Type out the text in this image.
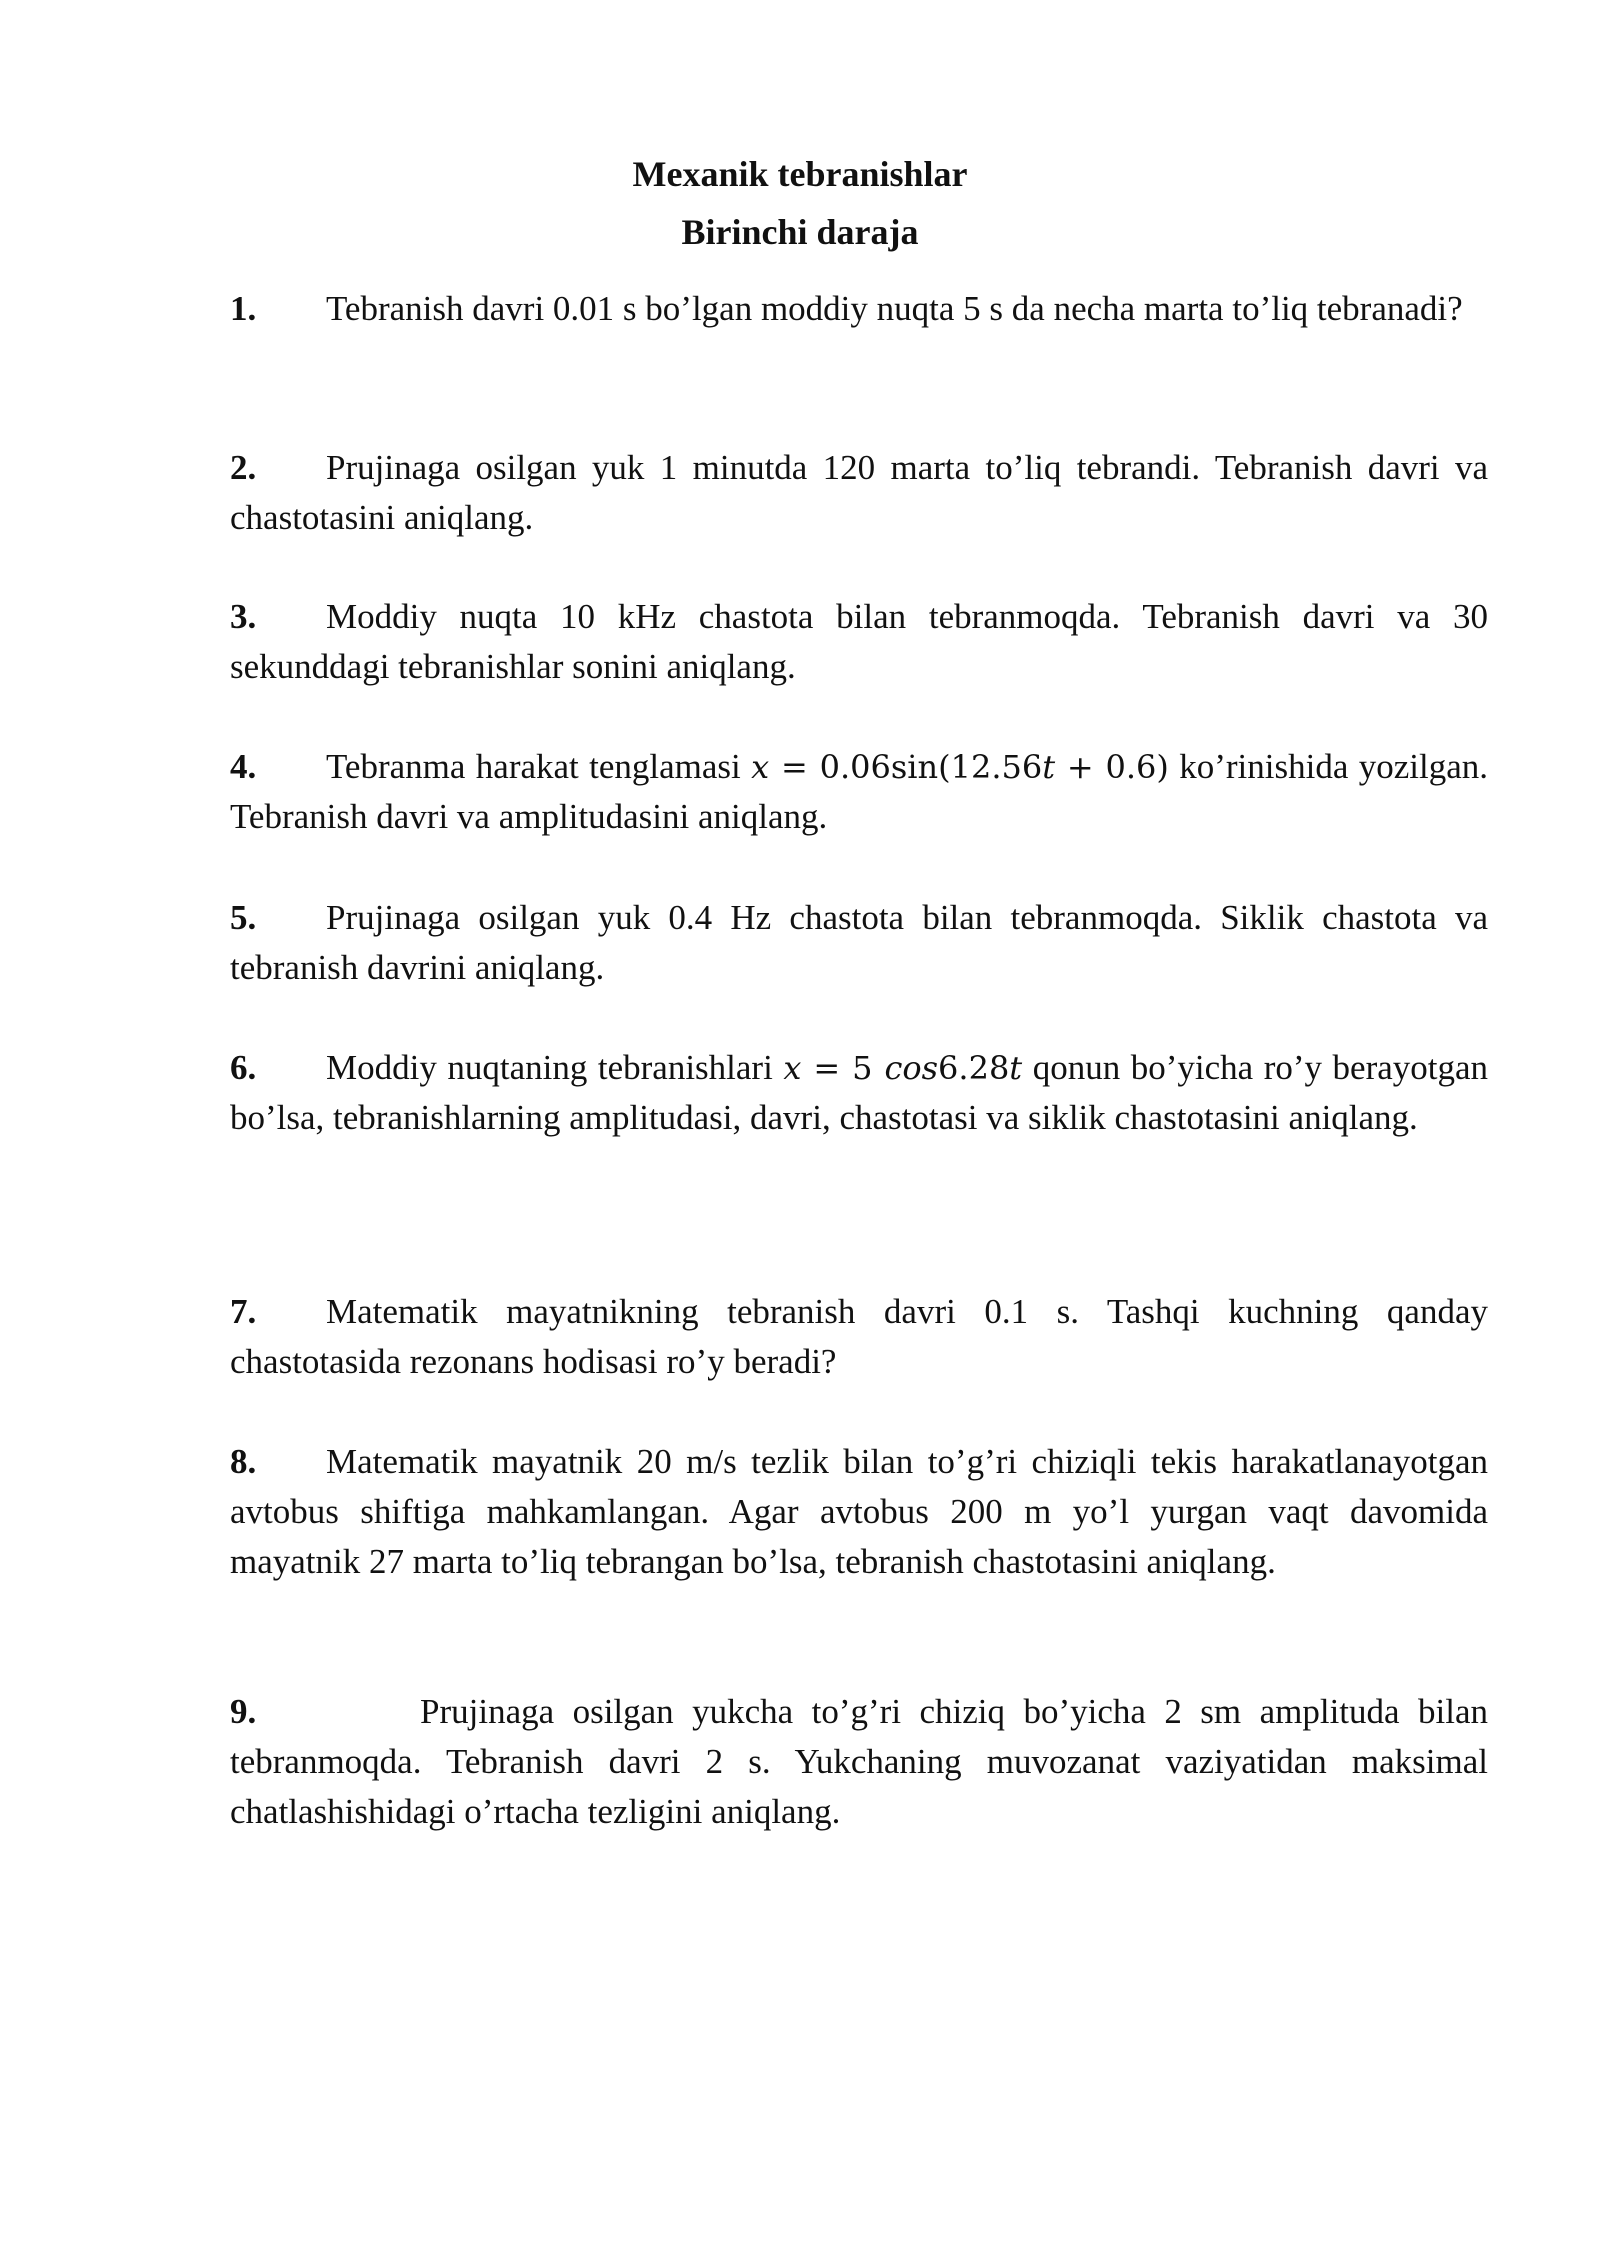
Mexanik tebranishlar
Birinchi daraja
1. Tebranish davri 0.01 s bo’lgan moddiy nuqta 5 s da necha marta to’liq tebranadi?
2. Prujinaga osilgan yuk 1 minutda 120 marta to’liq tebrandi. Tebranish davri va chastotasini aniqlang.
3. Moddiy nuqta 10 kHz chastota bilan tebranmoqda. Tebranish davri va 30 sekunddagi tebranishlar sonini aniqlang.
4. Tebranma harakat tenglamasi x = 0.06sin(12.56t + 0.6) ko’rinishida yozilgan. Tebranish davri va amplitudasini aniqlang.
5. Prujinaga osilgan yuk 0.4 Hz chastota bilan tebranmoqda. Siklik chastota va tebranish davrini aniqlang.
6. Moddiy nuqtaning tebranishlari x = 5 cos6.28t qonun bo’yicha ro’y berayotgan bo’lsa, tebranishlarning amplitudasi, davri, chastotasi va siklik chastotasini aniqlang.
7. Matematik mayatnikning tebranish davri 0.1 s. Tashqi kuchning qanday chastotasida rezonans hodisasi ro’y beradi?
8. Matematik mayatnik 20 m/s tezlik bilan to’g’ri chiziqli tekis harakatlanayotgan avtobus shiftiga mahkamlangan. Agar avtobus 200 m yo’l yurgan vaqt davomida mayatnik 27 marta to’liq tebrangan bo’lsa, tebranish chastotasini aniqlang.
9.	Prujinaga osilgan yukcha to’g’ri chiziq bo’yicha 2 sm amplituda bilan tebranmoqda. Tebranish davri 2 s. Yukchaning muvozanat vaziyatidan maksimal chatlashishidagi o’rtacha tezligini aniqlang.
